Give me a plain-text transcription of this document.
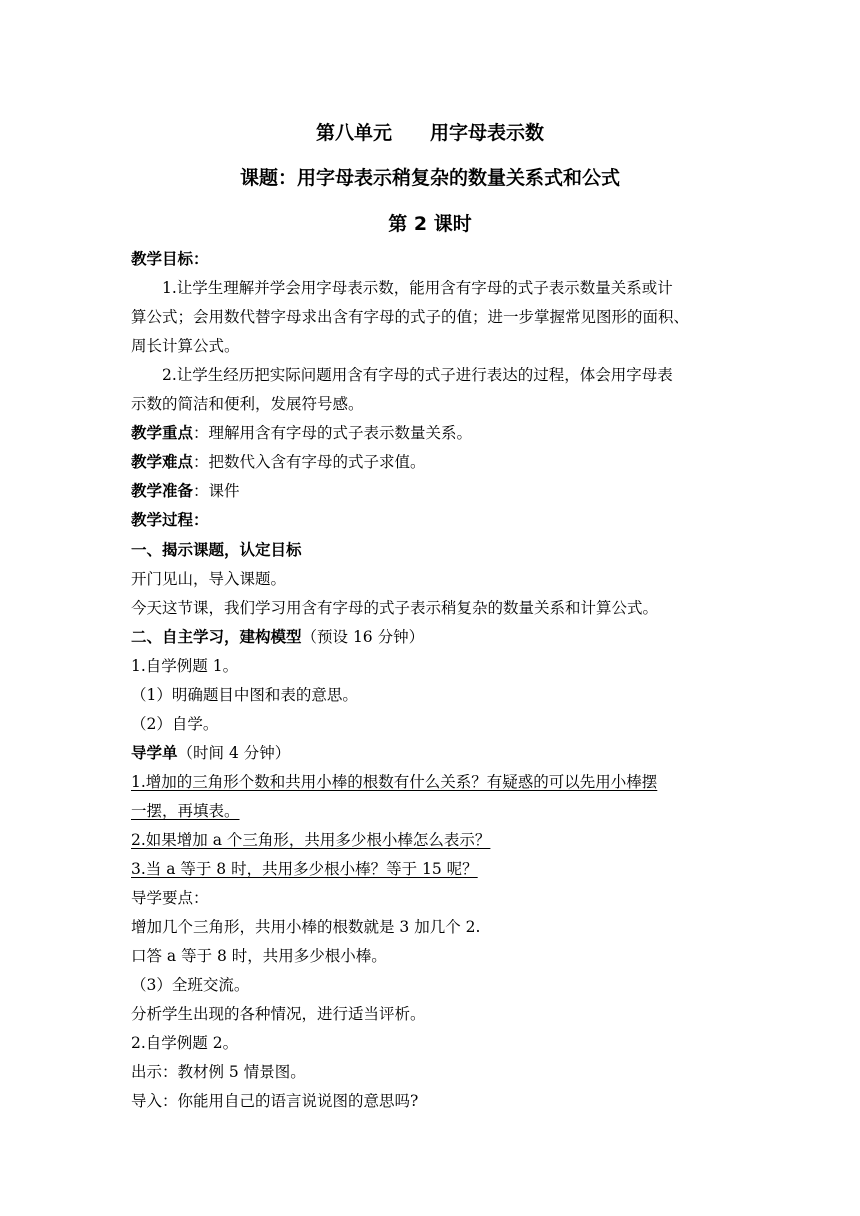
第八单元　　用字母表示数
课题：用字母表示稍复杂的数量关系式和公式
第 2 课时
教学目标：
1.让学生理解并学会用字母表示数，能用含有字母的式子表示数量关系或计
算公式；会用数代替字母求出含有字母的式子的值；进一步掌握常见图形的面积、
周长计算公式。
2.让学生经历把实际问题用含有字母的式子进行表达的过程，体会用字母表
示数的简洁和便利，发展符号感。
教学重点：理解用含有字母的式子表示数量关系。
教学难点：把数代入含有字母的式子求值。
教学准备：课件
教学过程：
一、揭示课题，认定目标
开门见山，导入课题。
今天这节课，我们学习用含有字母的式子表示稍复杂的数量关系和计算公式。
二、自主学习，建构模型（预设 16 分钟）
1.自学例题 1。
（1）明确题目中图和表的意思。
（2）自学。
导学单（时间 4 分钟）
1.增加的三角形个数和共用小棒的根数有什么关系？有疑惑的可以先用小棒摆
一摆，再填表。
2.如果增加 a 个三角形，共用多少根小棒怎么表示？
3.当 a 等于 8 时，共用多少根小棒？等于 15 呢？
导学要点：
增加几个三角形，共用小棒的根数就是 3 加几个 2.
口答 a 等于 8 时，共用多少根小棒。
（3）全班交流。
分析学生出现的各种情况，进行适当评析。
2.自学例题 2。
出示：教材例 5 情景图。
导入：你能用自己的语言说说图的意思吗?
